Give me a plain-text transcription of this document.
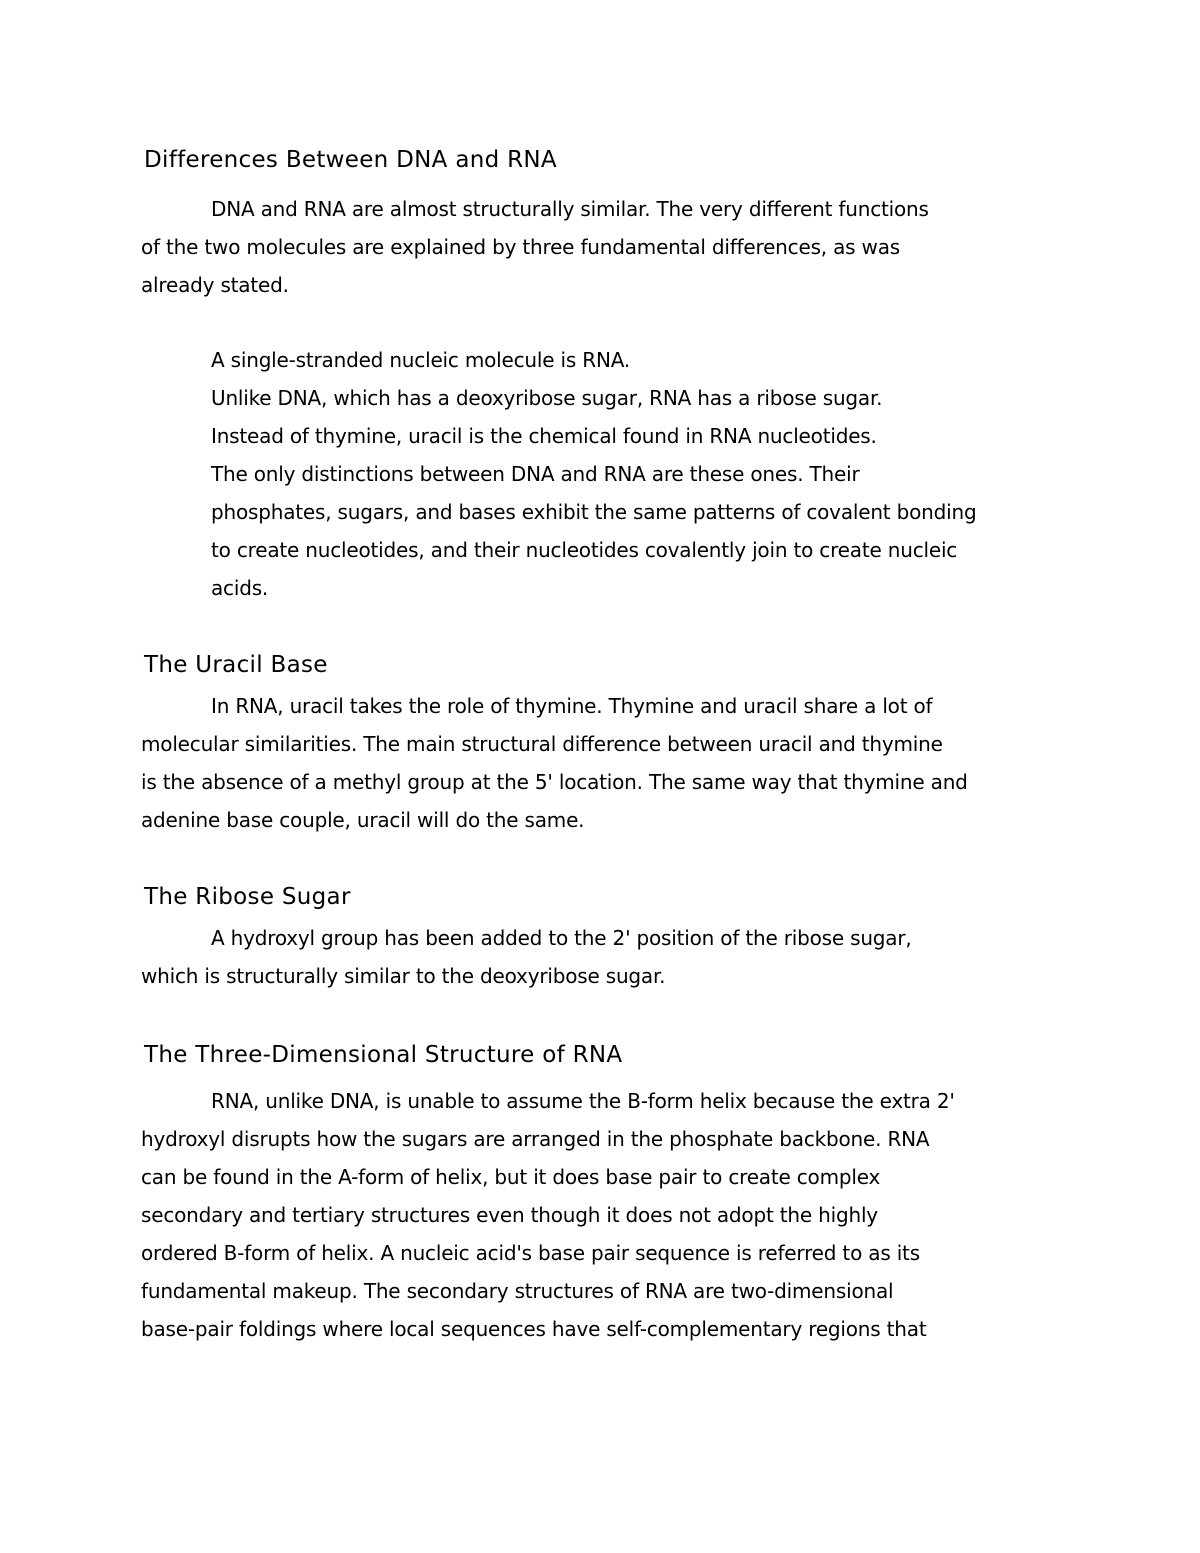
Differences Between DNA and RNA
DNA and RNA are almost structurally similar. The very different functions
of the two molecules are explained by three fundamental differences, as was
already stated.
A single-stranded nucleic molecule is RNA.
Unlike DNA, which has a deoxyribose sugar, RNA has a ribose sugar.
Instead of thymine, uracil is the chemical found in RNA nucleotides.
The only distinctions between DNA and RNA are these ones. Their
phosphates, sugars, and bases exhibit the same patterns of covalent bonding
to create nucleotides, and their nucleotides covalently join to create nucleic
acids.
The Uracil Base
In RNA, uracil takes the role of thymine. Thymine and uracil share a lot of
molecular similarities. The main structural difference between uracil and thymine
is the absence of a methyl group at the 5' location. The same way that thymine and
adenine base couple, uracil will do the same.
The Ribose Sugar
A hydroxyl group has been added to the 2' position of the ribose sugar,
which is structurally similar to the deoxyribose sugar.
The Three-Dimensional Structure of RNA
RNA, unlike DNA, is unable to assume the B-form helix because the extra 2'
hydroxyl disrupts how the sugars are arranged in the phosphate backbone. RNA
can be found in the A-form of helix, but it does base pair to create complex
secondary and tertiary structures even though it does not adopt the highly
ordered B-form of helix. A nucleic acid's base pair sequence is referred to as its
fundamental makeup. The secondary structures of RNA are two-dimensional
base-pair foldings where local sequences have self-complementary regions that
